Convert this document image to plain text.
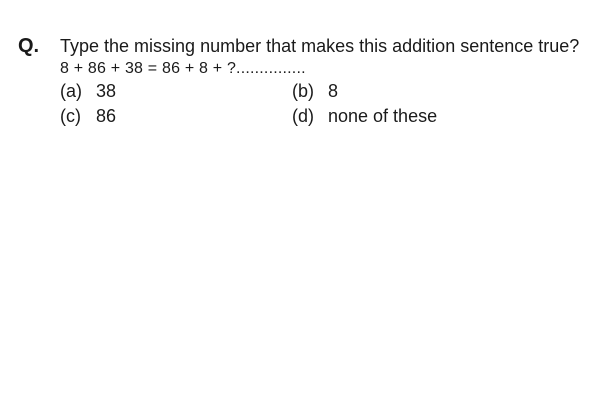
Q. Type the missing number that makes this addition sentence true?
8 + 86 + 38 = 86 + 8 + ?...............
(a) 38	(b) 8
(c) 86	(d) none of these
